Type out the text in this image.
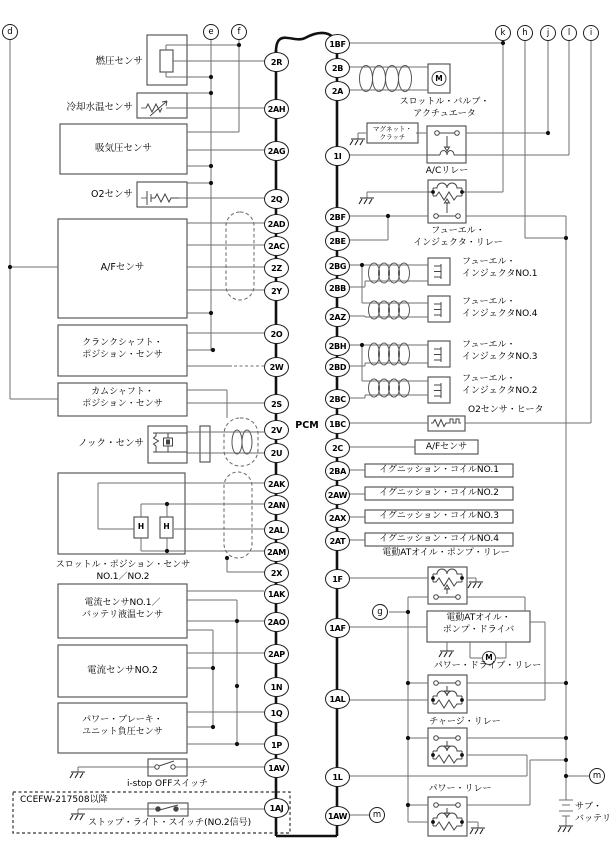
2R
2AH
2AG
2Q
2AD
2AC
2Z
2Y
2O
2W
2S
2V
2U
2AK
2AN
2AL
2AM
2X
1AK
2AO
2AP
1N
1Q
1P
1AV
1AJ
1BF
2B
2A
1I
2BF
2BE
2BG
2BB
2AZ
2BH
2BD
2BC
1BC
2C
2BA
2AW
2AX
2AT
1F
1AF
1AL
1L
1AW
d	e	f	k	h	j	l	i
g
m
m
PCM
燃圧センサ
冷却水温センサ
吸気圧センサ
O2センサ
A/Fセンサ
クランクシャフト・
ポジション・センサ
カムシャフト・
ポジション・センサ
ノック・センサ
スロットル・ポジション・センサ
NO.1／NO.2
電流センサNO.1／
バッテリ液温センサ
電流センサNO.2
パワー・ブレーキ・
ユニット負圧センサ
i-stop OFFスイッチ
CCEFW-217508以降
ストップ・ライト・スイッチ(NO.2信号)
スロットル・バルブ・
アクチュエータ
マグネット・
クラッチ
A/Cリレー
フューエル・
インジェクタ・リレー
フューエル・
インジェクタNO.1
フューエル・
インジェクタNO.4
フューエル・
インジェクタNO.3
フューエル・
インジェクタNO.2
O2センサ・ヒータ
A/Fセンサ
イグニッション・コイルNO.1
イグニッション・コイルNO.2
イグニッション・コイルNO.3
イグニッション・コイルNO.4
電動ATオイル・ポンプ・リレー
電動ATオイル・
ポンプ・ドライバ
パワー・ドライブ・リレー
チャージ・リレー
パワー・リレー
サブ・
バッテリ
H	H
M
M
